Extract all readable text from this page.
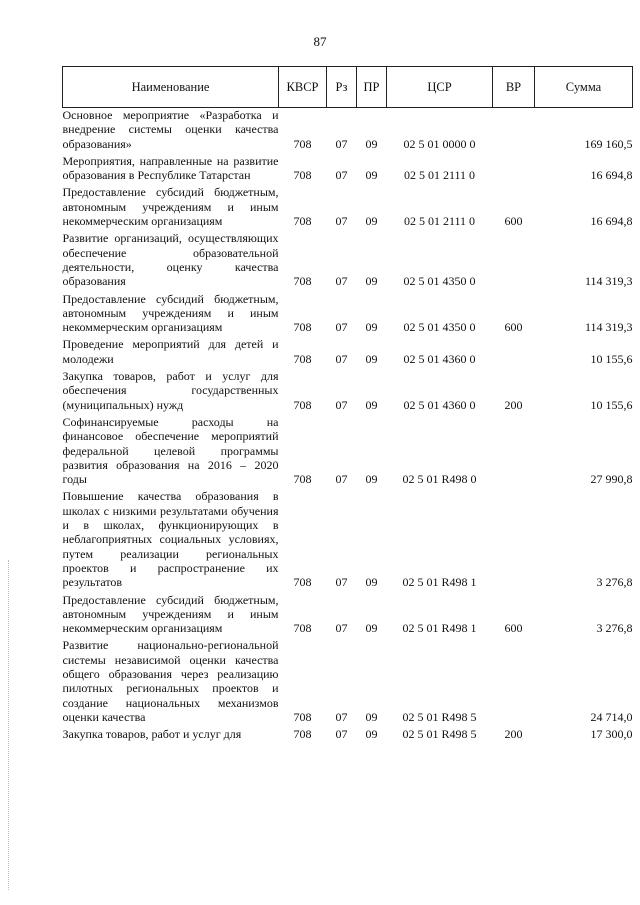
87
Наименование	КВСР	Рз	ПР	ЦСР	ВР	Сумма
Основное мероприятие «Разработка и внедрение системы оценки качества образования»	708	07	09	02 5 01 0000 0		169 160,5
Мероприятия, направленные на развитие образования в Республике Татарстан	708	07	09	02 5 01 2111 0		16 694,8
Предоставление субсидий бюджетным, автономным учреждениям и иным некоммерческим организациям	708	07	09	02 5 01 2111 0	600	16 694,8
Развитие организаций, осуществляющих обеспечение образовательной деятельности, оценку качества образования	708	07	09	02 5 01 4350 0		114 319,3
Предоставление субсидий бюджетным, автономным учреждениям и иным некоммерческим организациям	708	07	09	02 5 01 4350 0	600	114 319,3
Проведение мероприятий для детей и молодежи	708	07	09	02 5 01 4360 0		10 155,6
Закупка товаров, работ и услуг для обеспечения государственных (муниципальных) нужд	708	07	09	02 5 01 4360 0	200	10 155,6
Софинансируемые расходы на финансовое обеспечение мероприятий федеральной целевой программы развития образования на 2016 – 2020 годы	708	07	09	02 5 01 R498 0		27 990,8
Повышение качества образования в школах с низкими результатами обучения и в школах, функционирующих в неблагоприятных социальных условиях, путем реализации региональных проектов и распространение их результатов	708	07	09	02 5 01 R498 1		3 276,8
Предоставление субсидий бюджетным, автономным учреждениям и иным некоммерческим организациям	708	07	09	02 5 01 R498 1	600	3 276,8
Развитие национально-региональной системы независимой оценки качества общего образования через реализацию пилотных региональных проектов и создание национальных механизмов оценки качества	708	07	09	02 5 01 R498 5		24 714,0
Закупка товаров, работ и услуг для	708	07	09	02 5 01 R498 5	200	17 300,0
